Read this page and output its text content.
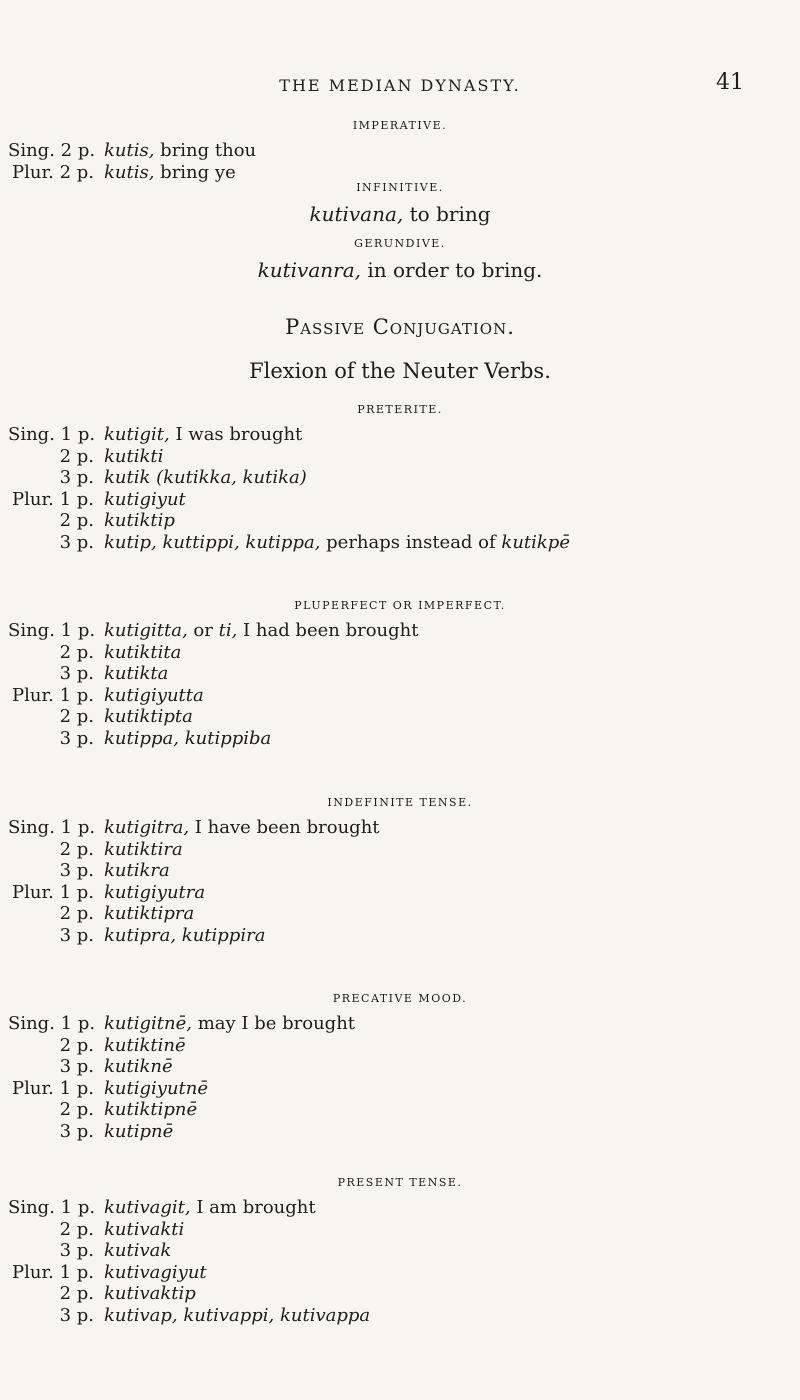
THE MEDIAN DYNASTY.	41

IMPERATIVE.

Sing. 2 p. kutis, bring thou
Plur. 2 p. kutis, bring ye

INFINITIVE.

kutivana, to bring

GERUNDIVE.

kutivanra, in order to bring.

Passive Conjugation.

Flexion of the Neuter Verbs.

PRETERITE.

Sing. 1 p. kutigit, I was brought
2 p. kutikti
3 p. kutik (kutikka, kutika)
Plur. 1 p. kutigiyut
2 p. kutiktip
3 p. kutip, kuttippi, kutippa, perhaps instead of kutikpē

PLUPERFECT OR IMPERFECT.

Sing. 1 p. kutigitta, or ti, I had been brought
2 p. kutiktita
3 p. kutikta
Plur. 1 p. kutigiyutta
2 p. kutiktipta
3 p. kutippa, kutippiba

INDEFINITE TENSE.

Sing. 1 p. kutigitra, I have been brought
2 p. kutiktira
3 p. kutikra
Plur. 1 p. kutigiyutra
2 p. kutiktipra
3 p. kutipra, kutippira

PRECATIVE MOOD.

Sing. 1 p. kutigitnē, may I be brought
2 p. kutiktinē
3 p. kutiknē
Plur. 1 p. kutigiyutnē
2 p. kutiktipnē
3 p. kutipnē

PRESENT TENSE.

Sing. 1 p. kutivagit, I am brought
2 p. kutivakti
3 p. kutivak
Plur. 1 p. kutivagiyut
2 p. kutivaktip
3 p. kutivap, kutivappi, kutivappa
